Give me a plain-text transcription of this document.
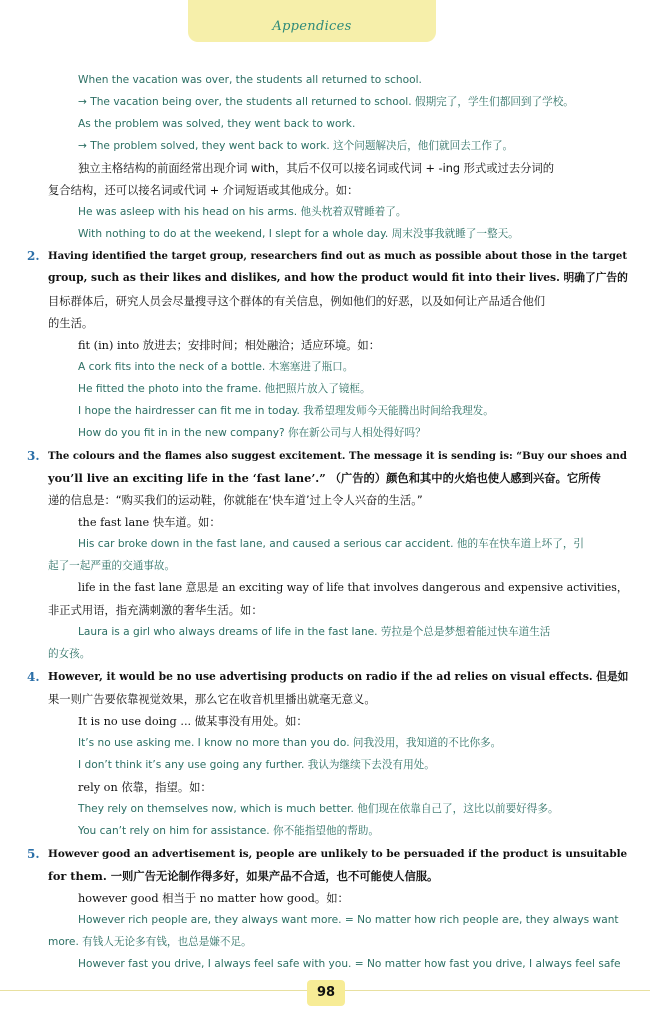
Appendices
When the vacation was over, the students all returned to school.
→ The vacation being over, the students all returned to school. 假期完了，学生们都回到了学校。
As the problem was solved, they went back to work.
→ The problem solved, they went back to work. 这个问题解决后，他们就回去工作了。
独立主格结构的前面经常出现介词 with，其后不仅可以接名词或代词 + -ing 形式或过去分词的
复合结构，还可以接名词或代词 + 介词短语或其他成分。如：
He was asleep with his head on his arms. 他头枕着双臂睡着了。
With nothing to do at the weekend, I slept for a whole day. 周末没事我就睡了一整天。
2. Having identified the target group, researchers find out as much as possible about those in the target
group, such as their likes and dislikes, and how the product would fit into their lives. 明确了广告的
目标群体后，研究人员会尽量搜寻这个群体的有关信息，例如他们的好恶，以及如何让产品适合他们
的生活。
fit (in) into 放进去；安排时间；相处融洽；适应环境。如：
A cork fits into the neck of a bottle. 木塞塞进了瓶口。
He fitted the photo into the frame. 他把照片放入了镜框。
I hope the hairdresser can fit me in today. 我希望理发师今天能腾出时间给我理发。
How do you fit in in the new company? 你在新公司与人相处得好吗？
3. The colours and the flames also suggest excitement. The message it is sending is: “Buy our shoes and
you’ll live an exciting life in the ‘fast lane’.” （广告的）颜色和其中的火焰也使人感到兴奋。它所传
递的信息是：“购买我们的运动鞋，你就能在‘快车道’过上令人兴奋的生活。”
the fast lane 快车道。如：
His car broke down in the fast lane, and caused a serious car accident. 他的车在快车道上坏了，引
起了一起严重的交通事故。
life in the fast lane 意思是 an exciting way of life that involves dangerous and expensive activities，
非正式用语，指充满刺激的奢华生活。如：
Laura is a girl who always dreams of life in the fast lane. 劳拉是个总是梦想着能过快车道生活
的女孩。
4. However, it would be no use advertising products on radio if the ad relies on visual effects. 但是如
果一则广告要依靠视觉效果，那么它在收音机里播出就毫无意义。
It is no use doing ... 做某事没有用处。如：
It’s no use asking me. I know no more than you do. 问我没用，我知道的不比你多。
I don’t think it’s any use going any further. 我认为继续下去没有用处。
rely on 依靠，指望。如：
They rely on themselves now, which is much better. 他们现在依靠自己了，这比以前要好得多。
You can’t rely on him for assistance. 你不能指望他的帮助。
5. However good an advertisement is, people are unlikely to be persuaded if the product is unsuitable
for them. 一则广告无论制作得多好，如果产品不合适，也不可能使人信服。
however good 相当于 no matter how good。如：
However rich people are, they always want more. = No matter how rich people are, they always want
more. 有钱人无论多有钱，也总是嫌不足。
However fast you drive, I always feel safe with you. = No matter how fast you drive, I always feel safe
98
